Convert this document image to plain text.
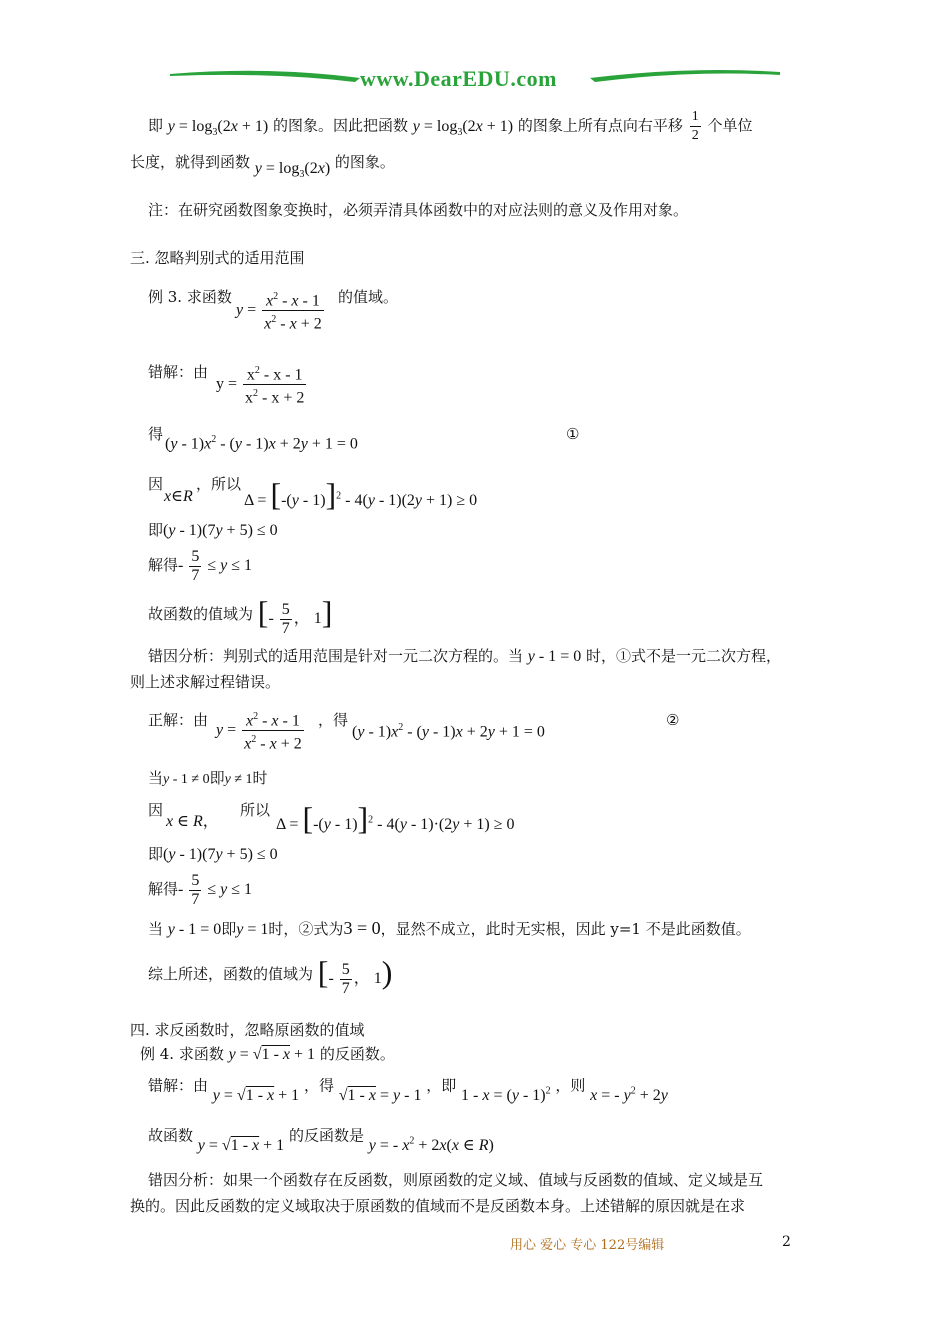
www.DearEDU.com
即 $y = \log_3(2x + 1)$ 的图象。因此把函数 $y = \log_3(2x + 1)$ 的图象上所有点向右平移 $\frac{1}{2}$ 个单位
长度，就得到函数 $y = \log_3(2x)$ 的图象。
注：在研究函数图象变换时，必须弄清具体函数中的对应法则的意义及作用对象。
三. 忽略判别式的适用范围
例 3. 求函数
$y = \frac{x^2 - x - 1}{x^2 - x + 2}$ 的值域。
错解：由
$y = \frac{x^2 - x - 1}{x^2 - x + 2}$
得
$(y - 1)x^2 - (y - 1)x + 2y + 1 = 0$
①
因
x∈R
，所以
Δ = [-(y - 1)]$^2$ - 4(y - 1)(2y + 1) ≥ 0
即(y - 1)(7y + 5) ≤ 0
解得- $\frac{5}{7} \le y \le 1$
故函数的值域为 [- $\frac{5}{7}$ ， 1]
错因分析：判别式的适用范围是针对一元二次方程的。当 y - 1 = 0 时，①式不是一元二次方程，
则上述求解过程错误。
正解：由
$y = \frac{x^2 - x - 1}{x^2 - x + 2}$ ，得
$(y - 1)x^2 - (y - 1)x + 2y + 1 = 0$
②
当y - 1 ≠ 0即y ≠ 1时
因
x ∈ R，
所以
Δ = [-(y - 1)]$^2$ - 4(y - 1)·(2y + 1) ≥ 0
即(y - 1)(7y + 5) ≤ 0
解得- $\frac{5}{7} \le y \le 1$
当 y - 1 = 0即y = 1时，②式为3 = 0，显然不成立，此时无实根，因此 y=1 不是此函数值。
综上所述，函数的值域为 [- $\frac{5}{7}$ ， 1)
四. 求反函数时，忽略原函数的值域
例 4. 求函数 y = √1 - x + 1 的反函数。
错解：由 y = √1 - x + 1 ，得 √1 - x = y - 1 ，即 1 - x = (y - 1)$^2$ ，则 x = - $y^2 + 2y$
故函数 y = √1 - x + 1 的反函数是 y = - $x^2 + 2x(x$ ∈ R)
错因分析：如果一个函数存在反函数，则原函数的定义域、值域与反函数的值域、定义域是互
换的。因此反函数的定义域取决于原函数的值域而不是反函数本身。上述错解的原因就是在求
用心 爱心 专心 122号编辑	2
